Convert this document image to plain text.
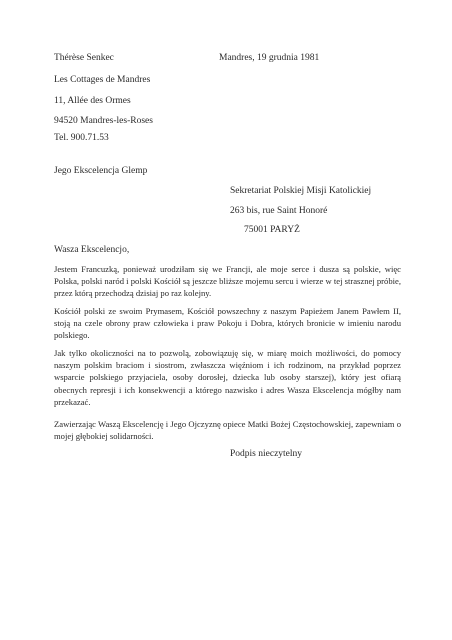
Thérèse Senkec	Mandres, 19 grudnia 1981
Les Cottages de Mandres
11, Allée des Ormes
94520 Mandres-les-Roses
Tel. 900.71.53
Jego Ekscelencja Glemp
Sekretariat Polskiej Misji Katolickiej
263 bis, rue Saint Honoré
75001 PARYŻ
Wasza Ekscelencjo,
Jestem Francuzką, ponieważ urodziłam się we Francji, ale moje serce i dusza są polskie, więc Polska, polski naród i polski Kościół są jeszcze bliższe mojemu sercu i wierze w tej strasznej próbie, przez którą przechodzą dzisiaj po raz kolejny.
Kościół polski ze swoim Prymasem, Kościół powszechny z naszym Papieżem Janem Pawłem II, stoją na czele obrony praw człowieka i praw Pokoju i Dobra, których bronicie w imieniu narodu polskiego.
Jak tylko okoliczności na to pozwolą, zobowiązuję się, w miarę moich możliwości, do pomocy naszym polskim braciom i siostrom, zwłaszcza więźniom i ich rodzinom, na przykład poprzez wsparcie polskiego przyjaciela, osoby dorosłej, dziecka lub osoby starszej), który jest ofiarą obecnych represji i ich konsekwencji a którego nazwisko i adres Wasza Ekscelencja mógłby nam przekazać.
Zawierzając Waszą Ekscelencję i Jego Ojczyznę opiece Matki Bożej Częstochowskiej, zapewniam o mojej głębokiej solidarności.
Podpis nieczytelny
